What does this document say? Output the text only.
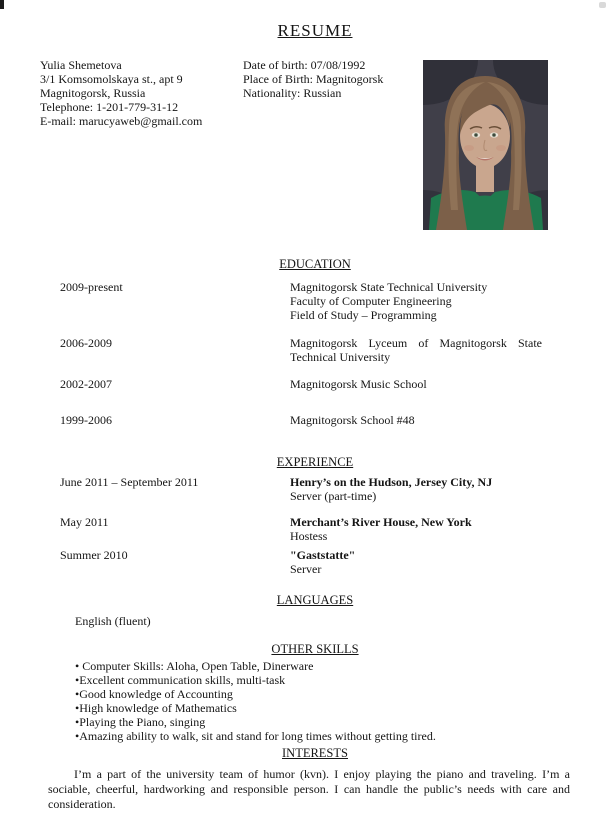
RESUME
Yulia Shemetova
3/1 Komsomolskaya st., apt 9
Magnitogorsk, Russia
Telephone: 1-201-779-31-12
E-mail: marucyaweb@gmail.com
Date of birth: 07/08/1992
Place of Birth: Magnitogorsk
Nationality: Russian
EDUCATION
2009-present	Magnitogorsk State Technical University
Faculty of Computer Engineering
Field of Study – Programming
2006-2009	Magnitogorsk Lyceum of Magnitogorsk State Technical University
2002-2007	Magnitogorsk Music School
1999-2006	Magnitogorsk School #48
EXPERIENCE
June 2011 – September 2011	Henry’s on the Hudson, Jersey City, NJ
Server (part-time)
May 2011	Merchant’s River House, New York
Hostess
Summer 2010	"Gaststatte"
Server
LANGUAGES
English (fluent)
OTHER SKILLS
• Computer Skills: Aloha, Open Table, Dinerware
•Excellent communication skills, multi-task
•Good knowledge of Accounting
•High knowledge of Mathematics
•Playing the Piano, singing
•Amazing ability to walk, sit and stand for long times without getting tired.
INTERESTS

I’m a part of the university team of humor (kvn). I enjoy playing the piano and traveling. I’m a sociable, cheerful, hardworking and responsible person. I can handle the public’s needs with care and consideration.
